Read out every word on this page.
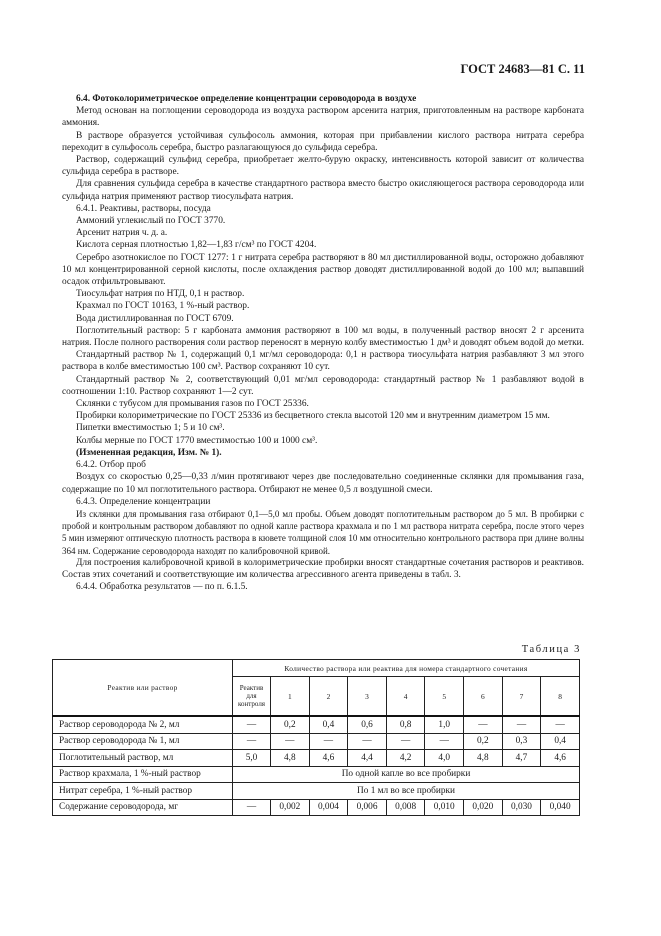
ГОСТ 24683—81 С. 11

6.4. Фотоколориметрическое определение концентрации сероводорода в воздухе

Метод основан на поглощении сероводорода из воздуха раствором арсенита натрия, приготовленным на растворе карбоната аммония.

В растворе образуется устойчивая сульфосоль аммония, которая при прибавлении кислого раствора нитрата серебра переходит в сульфосоль серебра, быстро разлагающуюся до сульфида серебра.

Раствор, содержащий сульфид серебра, приобретает желто-бурую окраску, интенсивность которой зависит от количества сульфида серебра в растворе.

Для сравнения сульфида серебра в качестве стандартного раствора вместо быстро окисляющегося раствора сероводорода или сульфида натрия применяют раствор тиосульфата натрия.

6.4.1. Реактивы, растворы, посуда

Аммоний углекислый по ГОСТ 3770.

Арсенит натрия ч. д. а.

Кислота серная плотностью 1,82—1,83 г/см³ по ГОСТ 4204.

Серебро азотнокислое по ГОСТ 1277: 1 г нитрата серебра растворяют в 80 мл дистиллированной воды, осторожно добавляют 10 мл концентрированной серной кислоты, после охлаждения раствор доводят дистиллированной водой до 100 мл; выпавший осадок отфильтровывают.

Тиосульфат натрия по НТД, 0,1 н раствор.

Крахмал по ГОСТ 10163, 1 %-ный раствор.

Вода дистиллированная по ГОСТ 6709.

Поглотительный раствор: 5 г карбоната аммония растворяют в 100 мл воды, в полученный раствор вносят 2 г арсенита натрия. После полного растворения соли раствор переносят в мерную колбу вместимостью 1 дм³ и доводят объем водой до метки.

Стандартный раствор № 1, содержащий 0,1 мг/мл сероводорода: 0,1 н раствора тиосульфата натрия разбавляют 3 мл этого раствора в колбе вместимостью 100 см³. Раствор сохраняют 10 сут.

Стандартный раствор № 2, соответствующий 0,01 мг/мл сероводорода: стандартный раствор № 1 разбавляют водой в соотношении 1:10. Раствор сохраняют 1—2 сут.

Склянки с тубусом для промывания газов по ГОСТ 25336.

Пробирки колориметрические по ГОСТ 25336 из бесцветного стекла высотой 120 мм и внутренним диаметром 15 мм.

Пипетки вместимостью 1; 5 и 10 см³.

Колбы мерные по ГОСТ 1770 вместимостью 100 и 1000 см³.

(Измененная редакция, Изм. № 1).

6.4.2. Отбор проб

Воздух со скоростью 0,25—0,33 л/мин протягивают через две последовательно соединенные склянки для промывания газа, содержащие по 10 мл поглотительного раствора. Отбирают не менее 0,5 л воздушной смеси.

6.4.3. Определение концентрации

Из склянки для промывания газа отбирают 0,1—5,0 мл пробы. Объем доводят поглотительным раствором до 5 мл. В пробирки с пробой и контрольным раствором добавляют по одной капле раствора крахмала и по 1 мл раствора нитрата серебра, после этого через 5 мин измеряют оптическую плотность раствора в кювете толщиной слоя 10 мм относительно контрольного раствора при длине волны 364 нм. Содержание сероводорода находят по калибровочной кривой.

Для построения калибровочной кривой в колориметрические пробирки вносят стандартные сочетания растворов и реактивов. Состав этих сочетаний и соответствующие им количества агрессивного агента приведены в табл. 3.

6.4.4. Обработка результатов — по п. 6.1.5.

Таблица 3
Реактив или раствор	Количество раствора или реактива для номера стандартного сочетания								
	Реактив для контроля	1	2	3	4	5	6	7	8
Раствор сероводорода № 2, мл	—	0,2	0,4	0,6	0,8	1,0	—	—	—
Раствор сероводорода № 1, мл	—	—	—	—	—	—	0,2	0,3	0,4
Поглотительный раствор, мл	5,0	4,8	4,6	4,4	4,2	4,0	4,8	4,7	4,6
Раствор крахмала, 1 %-ный раствор	По одной капле во все пробирки								
Нитрат серебра, 1 %-ный раствор	По 1 мл во все пробирки								
Содержание сероводорода, мг	—	0,002	0,004	0,006	0,008	0,010	0,020	0,030	0,040
